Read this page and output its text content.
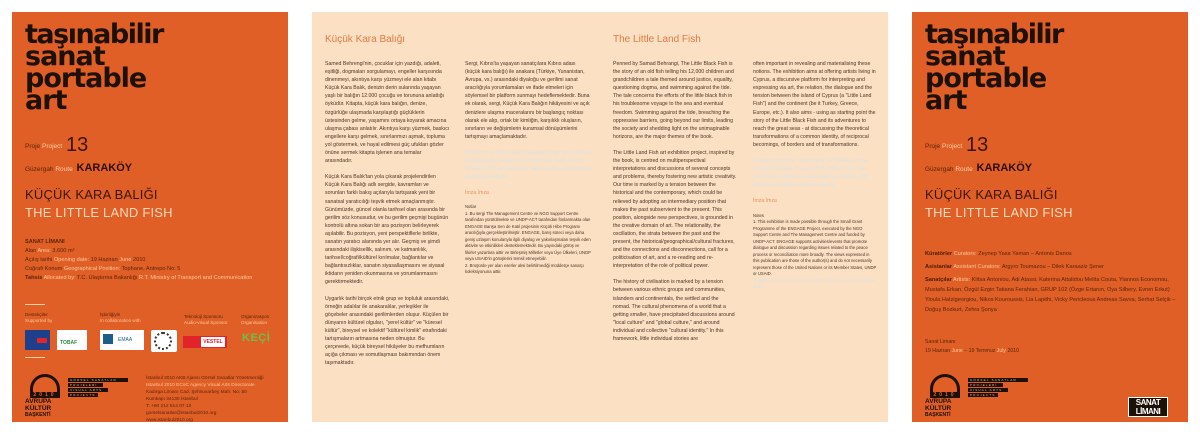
taşınabilir
sanat
portable
art
Proje Project 13
Güzergah Route KARAKÖY
KÜÇÜK KARA BALIĞI
THE LITTLE LAND FISH
SANAT LİMANI
Alan Area: 3.600 m²
Açılış tarihi Opening date: 19 Haziran June 2010
Coğrafi Konum Geographical Position: Tophane, Antrepo No: 5
Tahsis Allocated by: T.C. Ulaştırma Bakanlığı R.T. Ministry of Transport and Communication
Destekçiler
Supported by
İşbirliğiyle
In collaboration with
Teknoloji Sponsoru
Audio-visual Sponsor
Organizasyon
Organisation
TOBAF	EMAA	VESTEL KEÇİ
2010
AVRUPA
KÜLTÜR
BAŞKENTİ
GÖRSEL SANATLAR
PROJELERİ
VISUAL ARTS
PROJECTS
İstanbul 2010 AKB Ajansı Görsel Sanatlar Yönetmenliği
Istanbul 2010 ECoC Agency Visual Arts Directorate
Kadırga Limanı Cad. Şehsuvarbey Mah. No: 50
Kumkapı 34130 İstanbul
T: +90 212 514 07 13
gorselsanatlar@istanbul2010.org
www.istanbul2010.org
Küçük Kara Balığı

Samed Behrengi'nin, çocuklar için yazdığı, adaleti, eşitliği, dogmaları sorgulamayı, engeller karşısında dinenmeyi, akıntıya karşı yüzmeyi ele alan kitabı Küçük Kara Balık, denizin derin sularında yaşayan yaşlı bir balığın 12.000 çocuğu ve torununa anlattığı öyküdür. Kitapta, küçük kara balığın, denize, özgürlüğe ulaşmada karşılaştığı güçlüklerin üstesinden gelme, yaşamını ortaya koyarak amacına ulaşma çabası anlatılır. Akıntıya karşı yüzmek, baskıcı engellere karşı gelmek, sınırlanmızı aşmak, topluma yol göstermek, ve hayal edilmesi güç ufukları gözler önüne sermek kitapta işlenen ana temalar arasındadır.

Küçük Kara Balık'tan yola çıkarak projelendirilen Küçük Kara Balığı adlı sergide, kavramları ve sorunları farklı bakış açılarıyla tartışarak yeni bir sanatsal yaratıcılığı teşvik etmek amaçlanmıştır. Günümüzde, güncel olanla tarihsel olan arasında bir gerilim söz konusudur, ve bu gerilim geçmişi bugünün kontrolü altına sokan bir ara pozisyon belirleyerek aşılabilir. Bu pozisyon, yeni perspektiflerle birlikte, sanatın yaratıcı alanında yer alır. Geçmiş ve şimdi arasındaki ilişkisellik, salınım, ve katmanlılık, tarihsel/coğrafi/kültürel kırılmalar, bağlantılar ve bağlantısızlıklar, sanatın siyasallaşmasını ve siyasal iktidarın yeniden okunmasına ve yorumlanmasını gerektirmektedir.

Uygarlık tarihi birçok etnik grup ve topluluk arasındaki, örneğin adalılar ile anakaralılar, yerleşikler ile göçebeler arasındaki gerilimlerden oluşur. Küçülen bir dünyanın kültürel olguları, "yerel kültür" ve "küresel kültür", bireysel ve kolektif "kültürel kimlik" etrafındaki tartışmaların artmasına neden olmuştur. Bu çerçevede, küçük bireysel hikâyeler bu mefhumların açığa çıkması ve somutlaşması bakımından önem taşımaktadır.

Sergi, Kıbrıs'ta yaşayan sanatçılara Kıbrıs adası (küçük kara balığı) ile anakara (Türkiye, Yunanistan, Avrupa, vs.) arasındaki diyaloğu ve gerilimi sanat aracılığıyla yorumlamaları ve ifade etmeleri için söylemsel bir platform sunmayı hedeflemektedir. Buna ek olarak, sergi, Küçük Kara Balığın hikâyesini ve açık denizlere ulaşma maceralarını bir başlangıç noktası olarak ele alıp, ortak bir kimliğin, karşılıklı oluşların, sınırların ve değişimlerin kuramsal dönüşümlerini tartışmayı amaçlamaktadır.

EMAA'nın ve Kıbrıs Güzel Sanatlar Odası'nın (EKATE) işbirliğiyle gerçekleştirilen Küçük Kara Balığı sergisi, İstanbul 2010 Avrupa Kültür Başkenti Ajansı tarafından desteklenmektedir.

İmza İmza

Notlar
1. Bu sergi The Management Centre ve NGO Support Centre tarafından yürütülmekte ve UNDP-ACT tarafından fonlanmakta olan ENGAGE Barışa Sen de Katıl projesinin Küçük Hibe Programı aracılığıyla gerçekleştirilmiştir. ENGAGE, barış süreci veya daha geniş uzlaşım konularıyla ilgili diyalog ve yakınlaşmaları teşvik eden aktivite ve etkinlikleri desteklemektedir. Bu yayındaki görüş ve fikirler yazarlara aittir ve Birleşmiş Milletler veya Üye Ülkeleri, UNDP veya USAID'in görüşlerini temsil etmeyebilir.
2. Broşürde yer alan eserler aksi belirtilmediği müddetçe sanatçı koleksiyonuna aittir.
The Little Land Fish

Penned by Samad Behrangi, The Little Black Fish is the story of an old fish telling his 12,000 children and grandchildren a tale themed around justice, equality, questioning dogma, and swimming against the tide. The tale concerns the efforts of the little black fish in his troublesome voyage to the sea and eventual freedom. Swimming against the tide, breaching the oppressive barriers, going beyond our limits, leading the society and shedding light on the unimaginable horizons, are the major themes of the book.

The Little Land Fish art exhibition project, inspired by the book, is centred on multiperspectival interpretations and discussions of several concepts and problems, thereby fostering new artistic creativity. Our time is marked by a tension between the historical and the contemporary, which could be relieved by adopting an intermediary position that makes the past subservient to the present. This position, alongside new perspectives, is grounded in the creative domain of art. The relationality, the oscillation, the strata between the past and the present, the historical/geographical/cultural fractures, and the connections and disconnections, call for a politicisation of art, and a re-reading and re-interpretation of the role of political power.

The history of civilisation is marked by a tension between various ethnic groups and communities, islanders and continentals, the settled and the nomad. The cultural phenomena of a world that a getting smaller, have precipitated discussions around "local culture" and "global culture," and around individual and collective "cultural identity." In this framework, little individual stories are

often important in revealing and materialising these notions. The exhibition aims at offering artists living in Cyprus, a discursive platform for interpreting and expressing via art, the relation, the dialogue and the tension between the island of Cyprus (a "Little Land Fish") and the continent (be it Turkey, Greece, Europe, etc.). It also aims - using as starting point the story of the Little Black Fish and its adventures to reach the great seas - at discussing the theoretical transformations of a common identity, of reciprocal becomings, of borders and of transformations.

Organised with the collaboration of EMAA and the Cyprus Chamber of Fine Arts (EKATE), The Little Land Fish Exhibition is supported by Istanbul 2010 European Capital of Culture Agency.

İmza İmza

Notes
1. This exhibition is made possible through the Small Grant Programme of the ENGAGE Project, executed by the NGO Support Centre and The Management Centre and funded by UNDP-ACT. ENGAGE supports activities/events that promote dialogue and discussion regarding issues related to the peace process or reconciliation more broadly. The views expressed in this publication are those of the author(s) and do not necessarily represent those of the United Nations or its Member States, UNDP or USAID.
2. Works on view remain in the artists' collection unless otherwise noted.
taşınabilir
sanat
portable
art
Proje Project 13
Güzergah Route KARAKÖY
KÜÇÜK KARA BALIĞI
THE LITTLE LAND FISH
Küratörler Curators: Zeynep Yasa Yaman – Antonis Danos
Asistanlar Assistant Curators: Argyro Toumazou – Dilek Karaaziz Şener
Sanatçılar Artists: Klitsa Antoniou, Adi Atassi, Katerina Attalidou Melita Couta, Yiannos Economou, Mustafa Erkan, Özgül Ezgin Tatiana Ferahian, GRUP 102 (Özge Ertanın, Oya Silbery, Evren Erkut) Yioula Hatzigeorgiou, Nikos Kouroussis, Lia Lapithi, Vicky Pericleous Andreas Savva, Serhat Selçik – Doğuş Bozkurt, Zehra Şonya
Sanat Limanı
19 Haziran June – 19 Temmuz July 2010
2010
AVRUPA
KÜLTÜR
BAŞKENTİ
GÖRSEL SANATLAR
PROJELERİ
VISUAL ARTS
PROJECTS
SANAT
LİMANI
